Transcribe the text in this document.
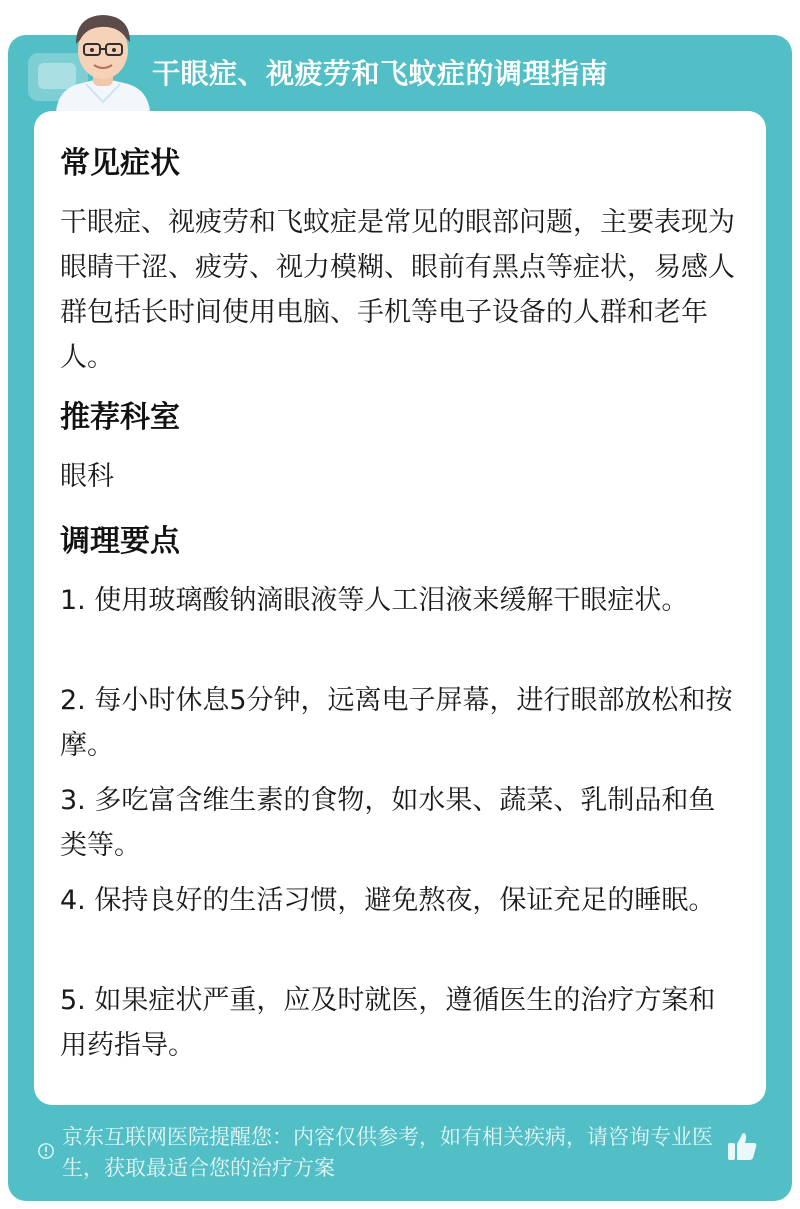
干眼症、视疲劳和飞蚊症的调理指南
常见症状
干眼症、视疲劳和飞蚊症是常见的眼部问题，主要表现为眼睛干涩、疲劳、视力模糊、眼前有黑点等症状，易感人群包括长时间使用电脑、手机等电子设备的人群和老年人。
推荐科室
眼科
调理要点
1. 使用玻璃酸钠滴眼液等人工泪液来缓解干眼症状。
2. 每小时休息5分钟，远离电子屏幕，进行眼部放松和按摩。
3. 多吃富含维生素的食物，如水果、蔬菜、乳制品和鱼类等。
4. 保持良好的生活习惯，避免熬夜，保证充足的睡眠。
5. 如果症状严重，应及时就医，遵循医生的治疗方案和用药指导。
京东互联网医院提醒您：内容仅供参考，如有相关疾病，请咨询专业医生，获取最适合您的治疗方案
